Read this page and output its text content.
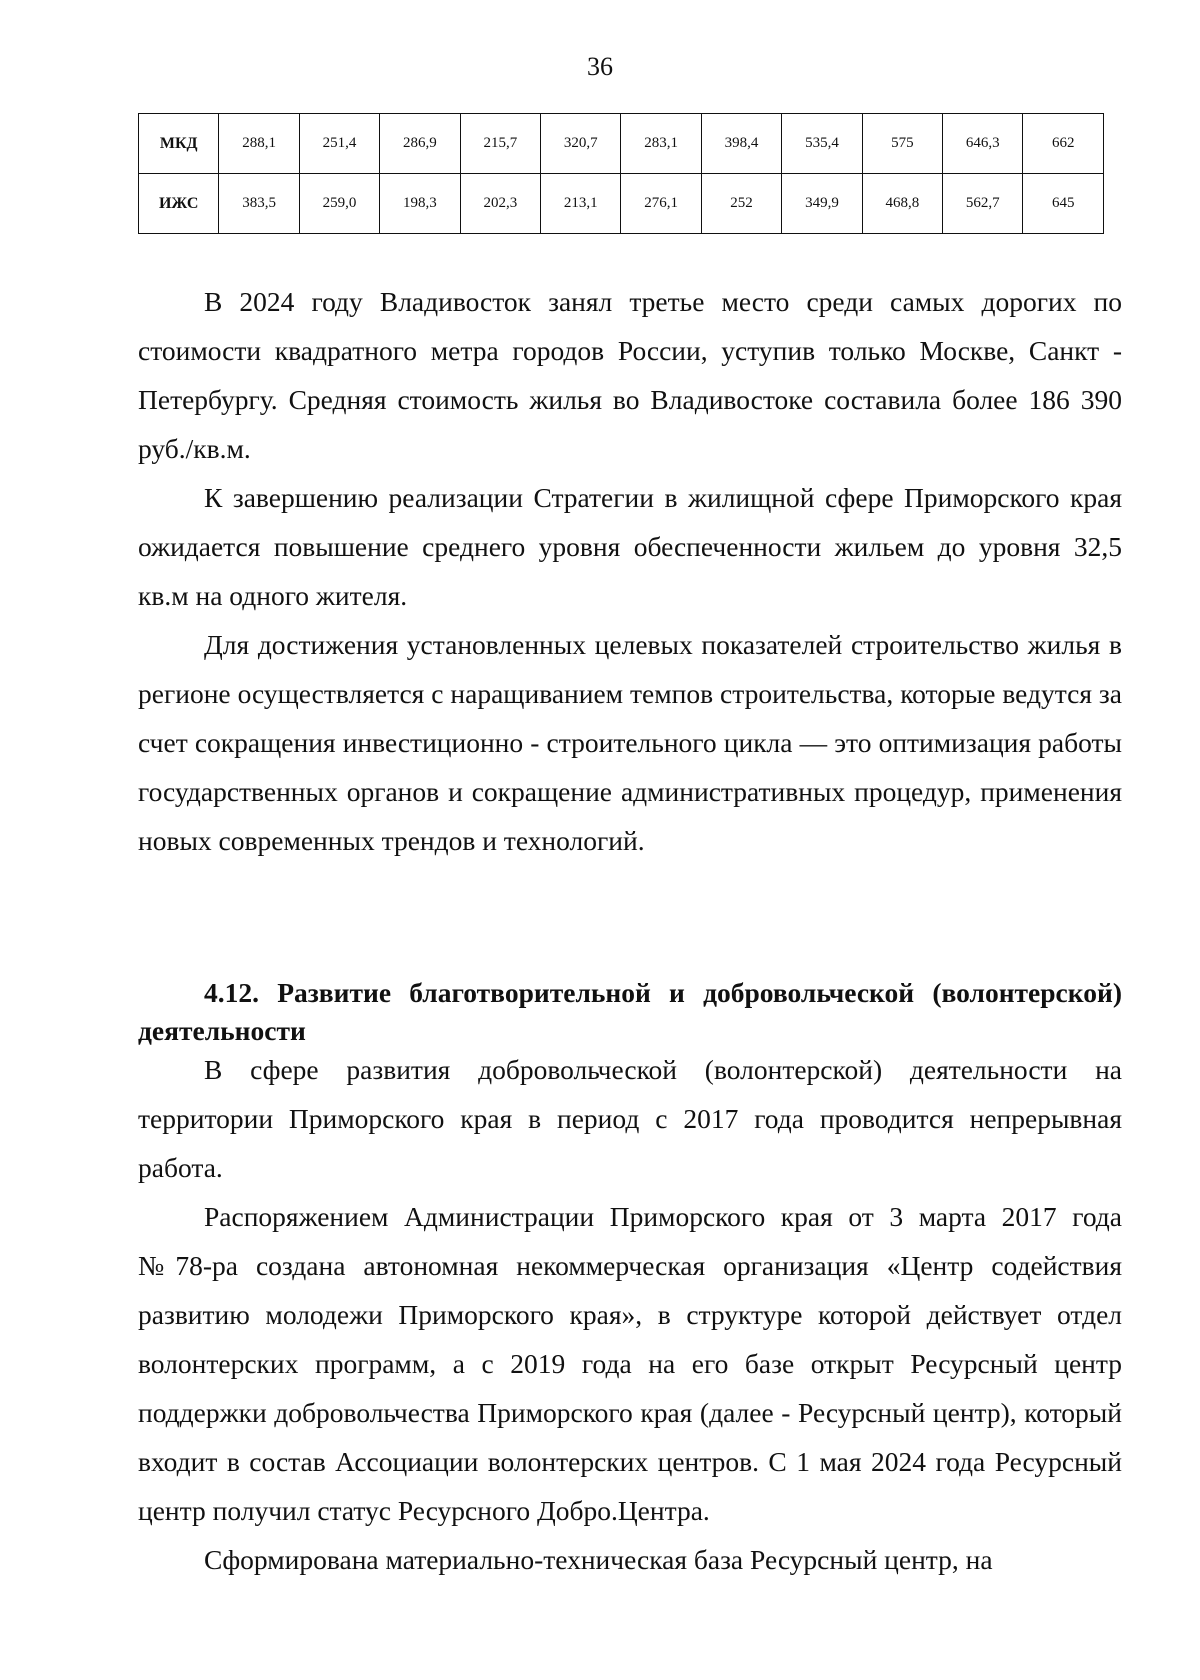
36
МКД	288,1	251,4	286,9	215,7	320,7	283,1	398,4	535,4	575	646,3	662
ИЖС	383,5	259,0	198,3	202,3	213,1	276,1	252	349,9	468,8	562,7	645

В 2024 году Владивосток занял третье место среди самых дорогих по стоимости квадратного метра городов России, уступив только Москве, Санкт - Петербургу. Средняя стоимость жилья во Владивостоке составила более 186 390 руб./кв.м.

К завершению реализации Стратегии в жилищной сфере Приморского края ожидается повышение среднего уровня обеспеченности жильем до уровня 32,5 кв.м на одного жителя.

Для достижения установленных целевых показателей строительство жилья в регионе осуществляется с наращиванием темпов строительства, которые ведутся за счет сокращения инвестиционно - строительного цикла — это оптимизация работы государственных органов и сокращение административных процедур, применения новых современных трендов и технологий.

4.12. Развитие благотворительной и добровольческой (волонтерской) деятельности

В сфере развития добровольческой (волонтерской) деятельности на территории Приморского края в период с 2017 года проводится непрерывная работа.

Распоряжением Администрации Приморского края от 3 марта 2017 года №78-ра создана автономная некоммерческая организация «Центр содействия развитию молодежи Приморского края», в структуре которой действует отдел волонтерских программ, а с 2019 года на его базе открыт Ресурсный центр поддержки добровольчества Приморского края (далее - Ресурсный центр), который входит в состав Ассоциации волонтерских центров. С 1 мая 2024 года Ресурсный центр получил статус Ресурсного Добро.Центра.

Сформирована материально-техническая база Ресурсный центр, на
